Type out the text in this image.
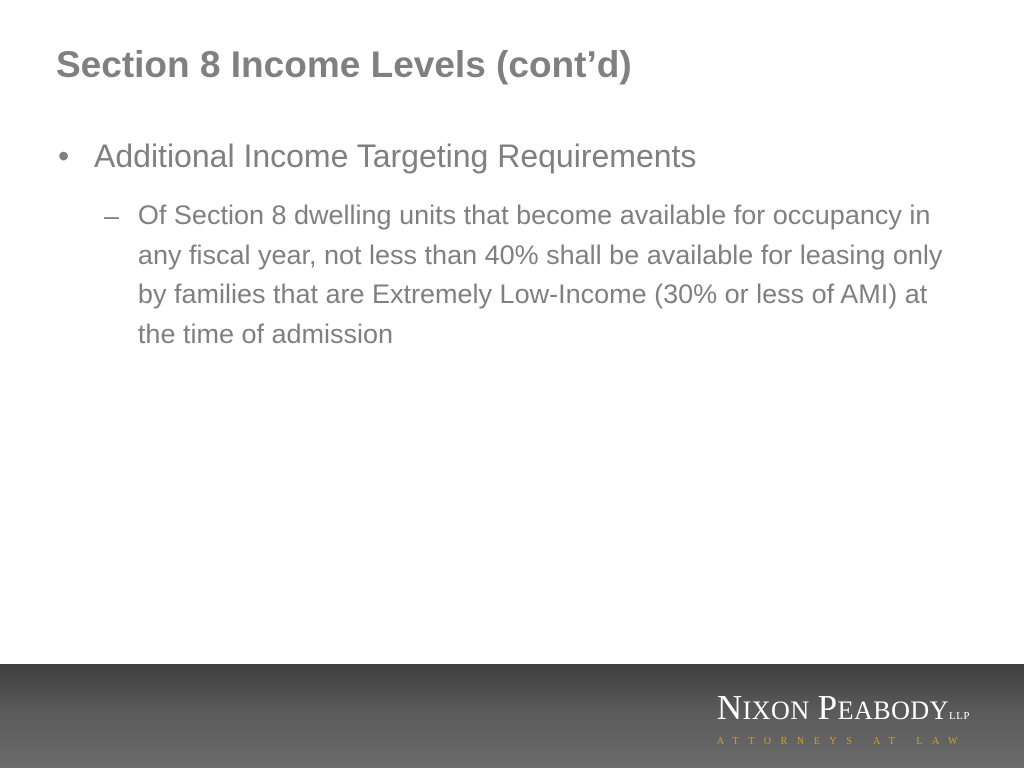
Section 8 Income Levels (cont’d)
• Additional Income Targeting Requirements
– Of Section 8 dwelling units that become available for occupancy in any fiscal year, not less than 40% shall be available for leasing only by families that are Extremely Low-Income (30% or less of AMI) at the time of admission
NIXON PEABODYLLP
ATTORNEYS AT LAW
